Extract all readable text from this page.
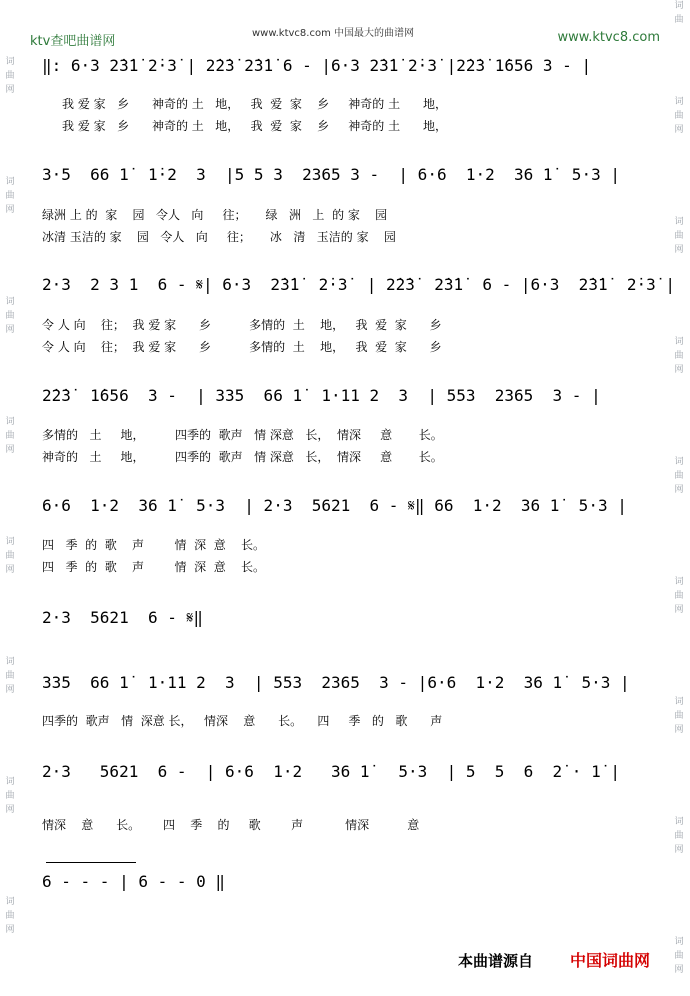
ktv查吧曲谱网
www.ktvc8.com 中国最大的曲谱网	www.ktvc8.com
词
曲
网
词
曲
网
词
曲
网
词
曲
网
词
曲
网
词
曲
网
词
曲
网
词
曲
网
词
曲
词
曲
网
词
曲
网
词
曲
网
词
曲
网
词
曲
网
词
曲
网
词
曲
网
词
曲
网
‖: 6·3 2̇3̇1̇ 2̇·3̇ | 2̇2̇3̇ 2̇3̇1̇ 6 - |6·3 2̇3̇1̇ 2̇·3̇ |2̇2̇3̇ 1̇656 3 - |
我 爱 家   乡      神奇的 土   地，   我  爱  家    乡     神奇的 土      地，
我 爱 家   乡      神奇的 土   地，   我  爱  家    乡     神奇的 土      地，
3·5  66 1̇  1̇·2  3  |5 5 3  2365 3 -  | 6·6  1·2  36 1̇  5·3 |
绿洲 上 的  家    园   令人   向     往；     绿   洲   上  的 家    园
冰清 玉洁的 家    园   令人   向     往；     冰   清   玉洁的 家    园
2·3  2 3 1  6 - 𝄋| 6·3  2̇3̇1̇  2̇·3̇  | 2̇2̇3̇  2̇3̇1̇  6 - |6·3  2̇3̇1̇  2̇·3̇ |
令 人 向    往；  我 爱 家      乡          多情的  土    地，   我  爱  家      乡
令 人 向    往；  我 爱 家      乡          多情的  土    地，   我  爱  家      乡
2̇2̇3̇  1̇656  3 -  | 335  66 1̇  1·11 2  3  | 553  2365  3 - |
多情的   土     地，        四季的  歌声   情 深意   长，  情深     意       长。
神奇的   土     地，        四季的  歌声   情 深意   长，  情深     意       长。
6·6  1·2  36 1̇  5·3  | 2·3  5621  6 - 𝄋‖ 66  1·2  36 1̇  5·3 |
四   季  的  歌    声        情  深  意    长。
四   季  的  歌    声        情  深  意    长。
2·3  5621  6 - 𝄋‖
335  66 1̇  1·11 2  3  | 553  2365  3 - |6·6  1·2  36 1̇  5·3 |
四季的  歌声   情  深意 长，   情深    意      长。    四     季   的   歌      声
2·3   5621  6 -  | 6·6  1·2   36 1̇   5·3  | 5  5  6  2̇ · 1̇ |
情深    意      长。      四    季    的     歌        声           情深          意
6 - - - | 6 - - 0 ‖
本曲谱源自 中国词曲网
